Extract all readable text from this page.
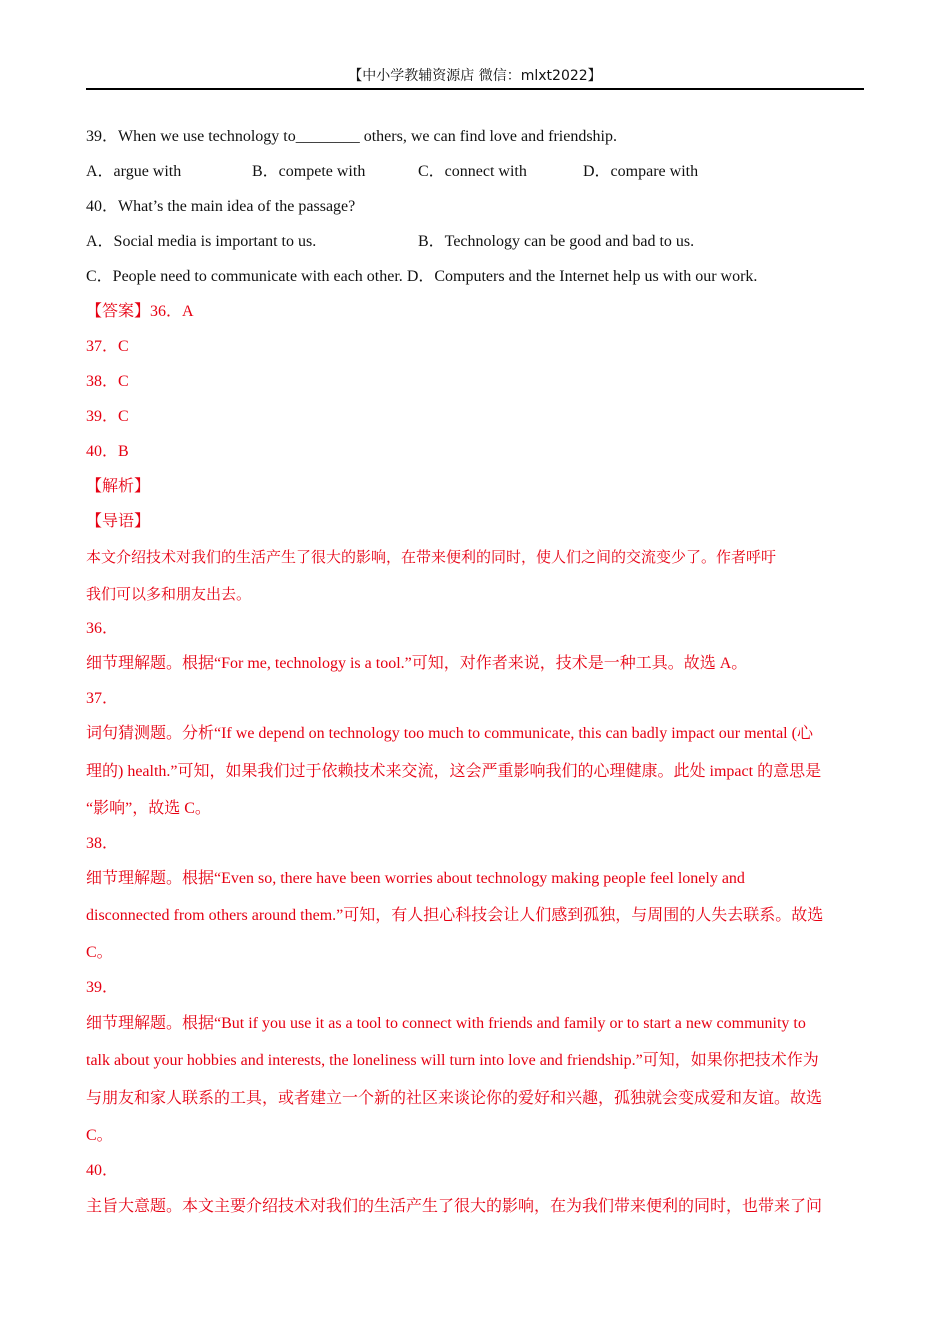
【中小学教辅资源店 微信：mlxt2022】
39．When we use technology to________ others, we can find love and friendship.
A．argue with	B．compete with	C．connect with	D．compare with
40．What’s the main idea of the passage?
A．Social media is important to us.	B．Technology can be good and bad to us.
C．People need to communicate with each other. D．Computers and the Internet help us with our work.
【答案】36．A
37．C
38．C
39．C
40．B
【解析】
【导语】
本文介绍技术对我们的生活产生了很大的影响，在带来便利的同时，使人们之间的交流变少了。作者呼吁
我们可以多和朋友出去。
36．
细节理解题。根据“For me, technology is a tool.”可知，对作者来说，技术是一种工具。故选 A。
37．
词句猜测题。分析“If we depend on technology too much to communicate, this can badly impact our mental (心
理的) health.”可知，如果我们过于依赖技术来交流，这会严重影响我们的心理健康。此处 impact 的意思是
“影响”，故选 C。
38．
细节理解题。根据“Even so, there have been worries about technology making people feel lonely and
disconnected from others around them.”可知，有人担心科技会让人们感到孤独，与周围的人失去联系。故选
C。
39．
细节理解题。根据“But if you use it as a tool to connect with friends and family or to start a new community to
talk about your hobbies and interests, the loneliness will turn into love and friendship.”可知，如果你把技术作为
与朋友和家人联系的工具，或者建立一个新的社区来谈论你的爱好和兴趣，孤独就会变成爱和友谊。故选
C。
40．
主旨大意题。本文主要介绍技术对我们的生活产生了很大的影响，在为我们带来便利的同时，也带来了问
